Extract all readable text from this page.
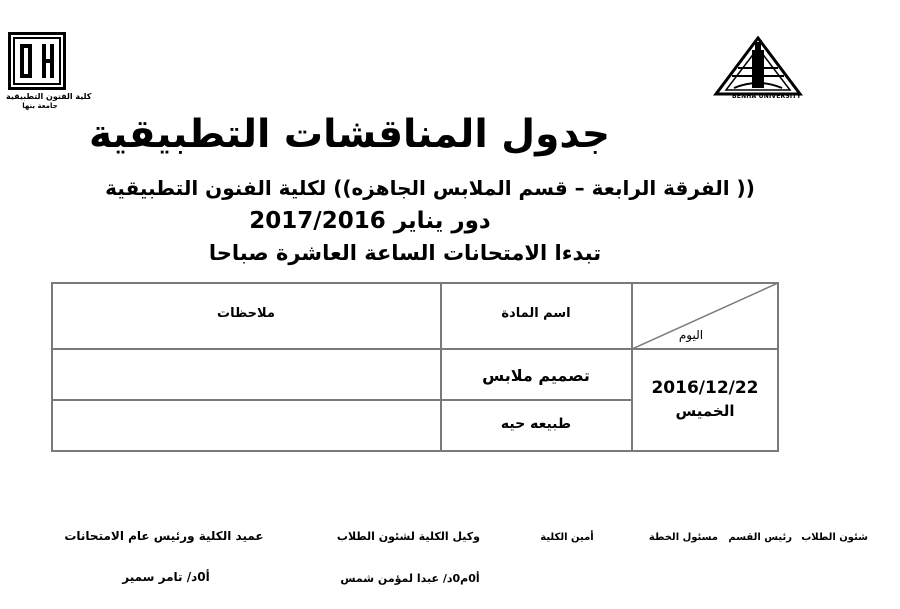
كلية الفنون التطبيقية
جامعة بنها
BENHA UNIVERSITY
جدول المناقشات التطبيقية
(( الفرقة الرابعة – قسم الملابس الجاهزه)) لكلية الفنون التطبيقية
دور يناير 2017/2016
تبدءا الامتحانات الساعة العاشرة صباحا
اليوم
اسم المادة
ملاحظات
2016/12/22
الخميس
تصميم ملابس
طبيعه حيه
شئون الطلاب
رئيس القسم
مسئول الخطة
أمين الكلية
وكيل الكلية لشئون الطلاب
أ0م0د/ عبدا لمؤمن شمس
عميد الكلية ورئيس عام الامتحانات
أ0د/ تامر سمير
